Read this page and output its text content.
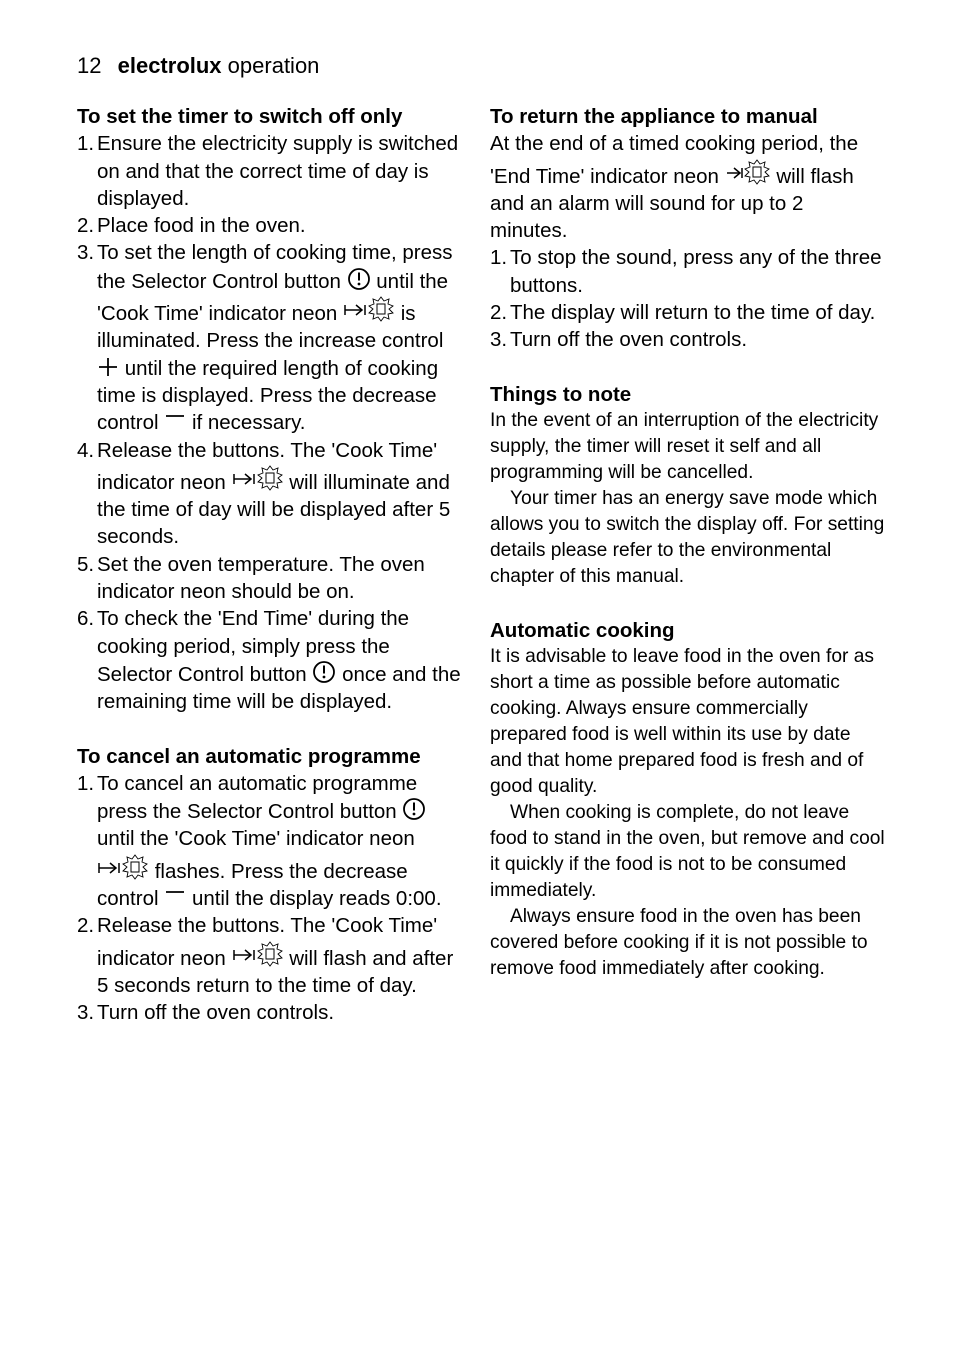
12 electrolux operation
To set the timer to switch off only
1. Ensure the electricity supply is switched on and that the correct time of day is displayed.
2. Place food in the oven.
3. To set the length of cooking time, press the Selector Control button until the 'Cook Time' indicator neon	is illuminated. Press the increase control
until the required length of cooking time is displayed. Press the decrease control if necessary.
4. Release the buttons. The 'Cook Time' indicator neon	will illuminate and the time of day will be displayed after 5 seconds.
5. Set the oven temperature. The oven indicator neon should be on.
6. To check the 'End Time' during the cooking period, simply press the Selector Control button once and the remaining time will be displayed.
To cancel an automatic programme
1. To cancel an automatic programme press the Selector Control button
until the 'Cook Time' indicator neon
flashes. Press the decrease control until the display reads 0:00.
2. Release the buttons. The 'Cook Time' indicator neon	will flash and after 5 seconds return to the time of day.
3. Turn off the oven controls.
To return the appliance to manual

At the end of a timed cooking period, the 'End Time' indicator neon	will flash and an alarm will sound for up to 2 minutes.

1. To stop the sound, press any of the three buttons.
2. The display will return to the time of day.
3. Turn off the oven controls.
Things to note

In the event of an interruption of the electricity supply, the timer will reset it self and all programming will be cancelled.

Your timer has an energy save mode which allows you to switch the display off. For setting details please refer to the environmental chapter of this manual.

Automatic cooking

It is advisable to leave food in the oven for as short a time as possible before automatic cooking. Always ensure commercially prepared food is well within its use by date and that home prepared food is fresh and of good quality.

When cooking is complete, do not leave food to stand in the oven, but remove and cool it quickly if the food is not to be consumed immediately.

Always ensure food in the oven has been covered before cooking if it is not possible to remove food immediately after cooking.
